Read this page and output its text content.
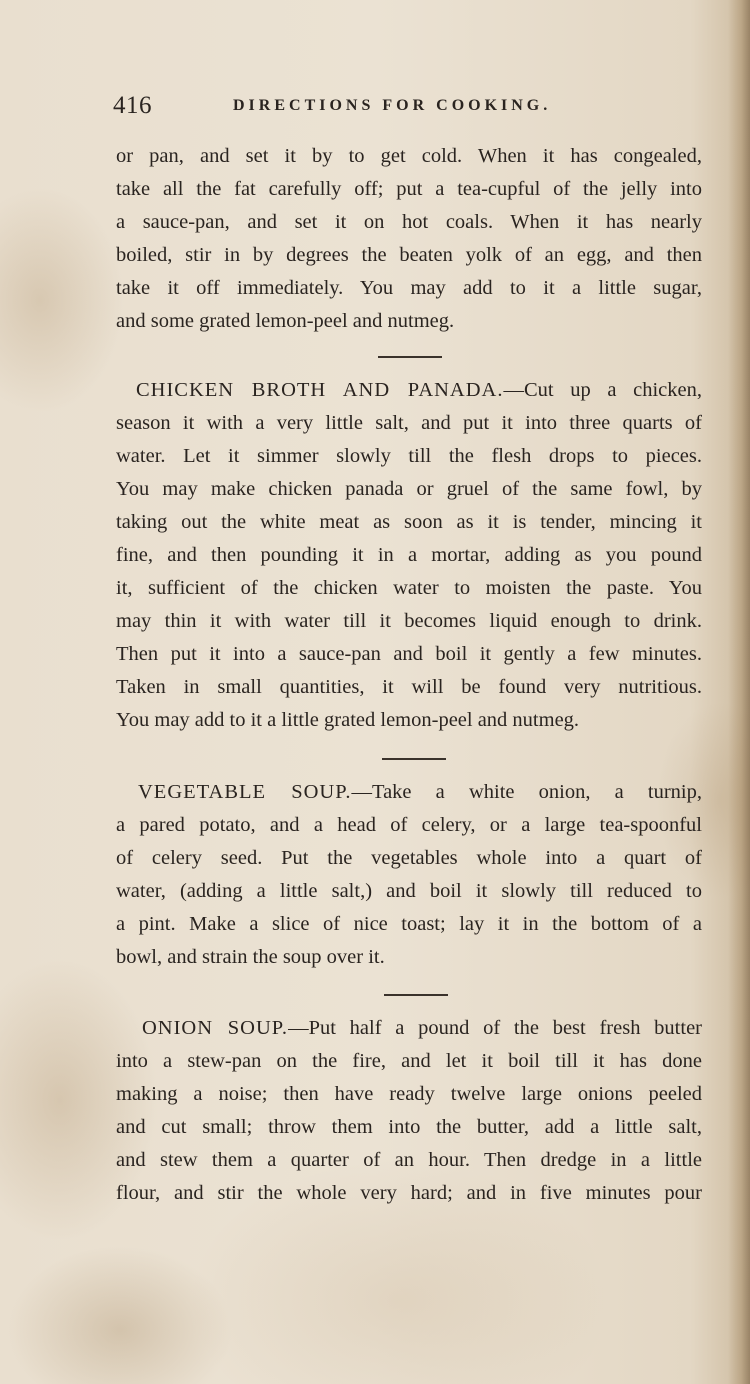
416	DIRECTIONS FOR COOKING.
or pan, and set it by to get cold. When it has congealed,
take all the fat carefully off; put a tea-cupful of the jelly into
a sauce-pan, and set it on hot coals. When it has nearly
boiled, stir in by degrees the beaten yolk of an egg, and then
take it off immediately. You may add to it a little sugar,
and some grated lemon-peel and nutmeg.
CHICKEN BROTH AND PANADA.—Cut up a chicken,
season it with a very little salt, and put it into three quarts of
water. Let it simmer slowly till the flesh drops to pieces.
You may make chicken panada or gruel of the same fowl, by
taking out the white meat as soon as it is tender, mincing it
fine, and then pounding it in a mortar, adding as you pound
it, sufficient of the chicken water to moisten the paste. You
may thin it with water till it becomes liquid enough to drink.
Then put it into a sauce-pan and boil it gently a few minutes.
Taken in small quantities, it will be found very nutritious.
You may add to it a little grated lemon-peel and nutmeg.
VEGETABLE SOUP.—Take a white onion, a turnip,
a pared potato, and a head of celery, or a large tea-spoonful
of celery seed. Put the vegetables whole into a quart of
water, (adding a little salt,) and boil it slowly till reduced to
a pint. Make a slice of nice toast; lay it in the bottom of a
bowl, and strain the soup over it.
ONION SOUP.—Put half a pound of the best fresh butter
into a stew-pan on the fire, and let it boil till it has done
making a noise; then have ready twelve large onions peeled
and cut small; throw them into the butter, add a little salt,
and stew them a quarter of an hour. Then dredge in a little
flour, and stir the whole very hard; and in five minutes pour
